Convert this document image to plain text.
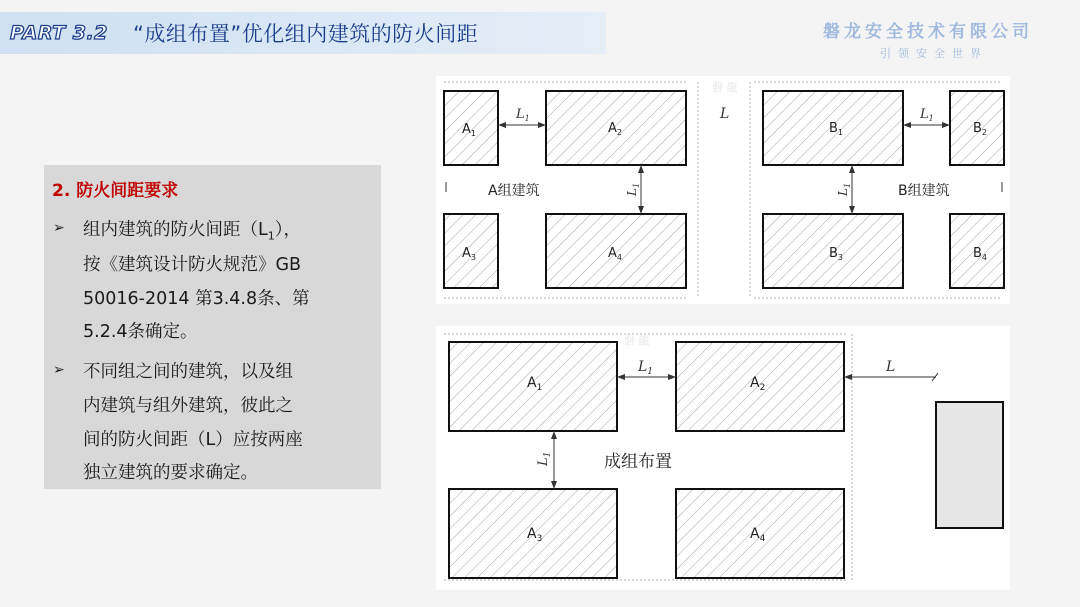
PART 3.2 “成组布置”优化组内建筑的防火间距	磐龙安全技术有限公司
引领安全世界
2. 防火间距要求
➢ 组内建筑的防火间距$(L_1)$，
按《建筑设计防火规范》GB
50016-2014 第3.4.8条、第
5.2.4条确定。
➢ 不同组之间的建筑，以及组
内建筑与组外建筑，彼此之
间的防火间距（L）应按两座
独立建筑的要求确定。
磐 龍
$A_1$	$A_2$
$A_3$	$A_4$
$L_1$
$L_1$
A组建筑
L
$B_1$	$B_2$
$B_3$	$B_4$
$L_1$
$L_1$	B组建筑
磐 龍
$A_1$	$A_2$
$A_3$	$A_4$
$L_1$
$L_1$
L
成组布置
